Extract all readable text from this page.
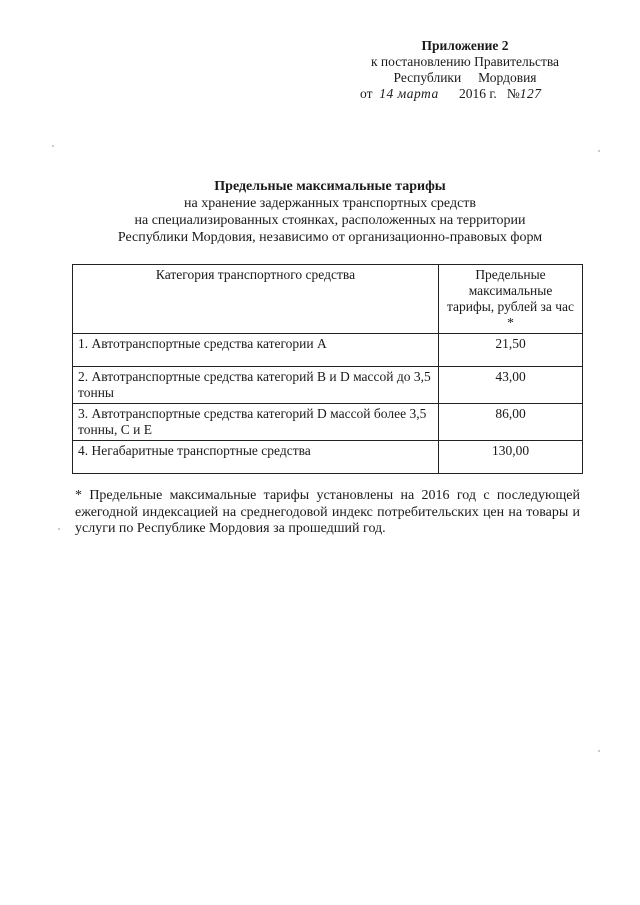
Приложение 2
к постановлению Правительства
Республики     Мордовия
от  14 марта      2016 г.   №127
Предельные максимальные тарифы
на хранение задержанных транспортных средств
на специализированных стоянках, расположенных на территории
Республики Мордовия, независимо от организационно-правовых форм
Категория транспортного средства	Предельные максимальные тарифы, рублей за час *
1. Автотранспортные средства категории А	21,50
2. Автотранспортные средства категорий В и D массой до 3,5 тонны	43,00
3. Автотранспортные средства категорий D массой более 3,5 тонны, С и Е	86,00
4. Негабаритные транспортные средства	130,00
* Предельные максимальные тарифы установлены на 2016 год с последующей ежегодной индексацией на среднегодовой индекс потребительских цен на товары и услуги по Республике Мордовия за прошедший год.
